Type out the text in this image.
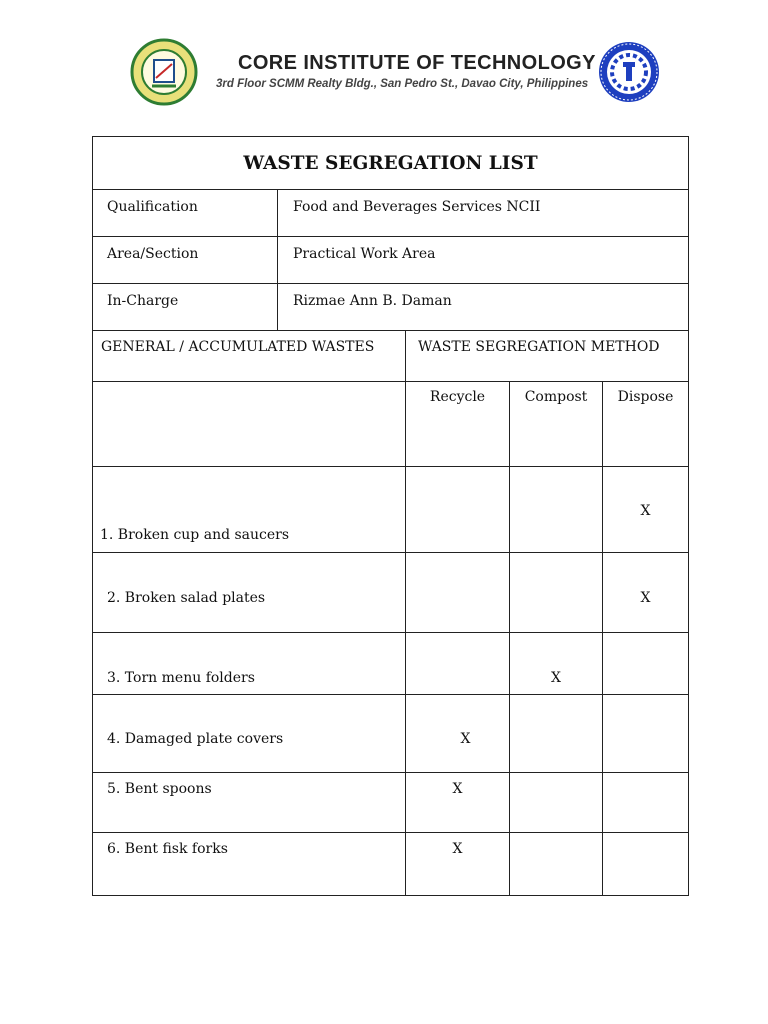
CORE INSTITUTE OF TECHNOLOGY
3rd Floor SCMM Realty Bldg., San Pedro St., Davao City, Philippines
WASTE SEGREGATION LIST				

Qualification	Food and Beverages Services NCII			

Area/Section	Practical Work Area			

In-Charge	Rizmae Ann B. Daman			

GENERAL / ACCUMULATED WASTES		WASTE SEGREGATION METHOD		

		Recycle	Compost	Dispose

1. Broken cup and saucers				X

2. Broken salad plates				X

3. Torn menu folders			X	

4. Damaged plate covers		X		

5. Bent spoons		X		

6. Bent fisk forks		X		
